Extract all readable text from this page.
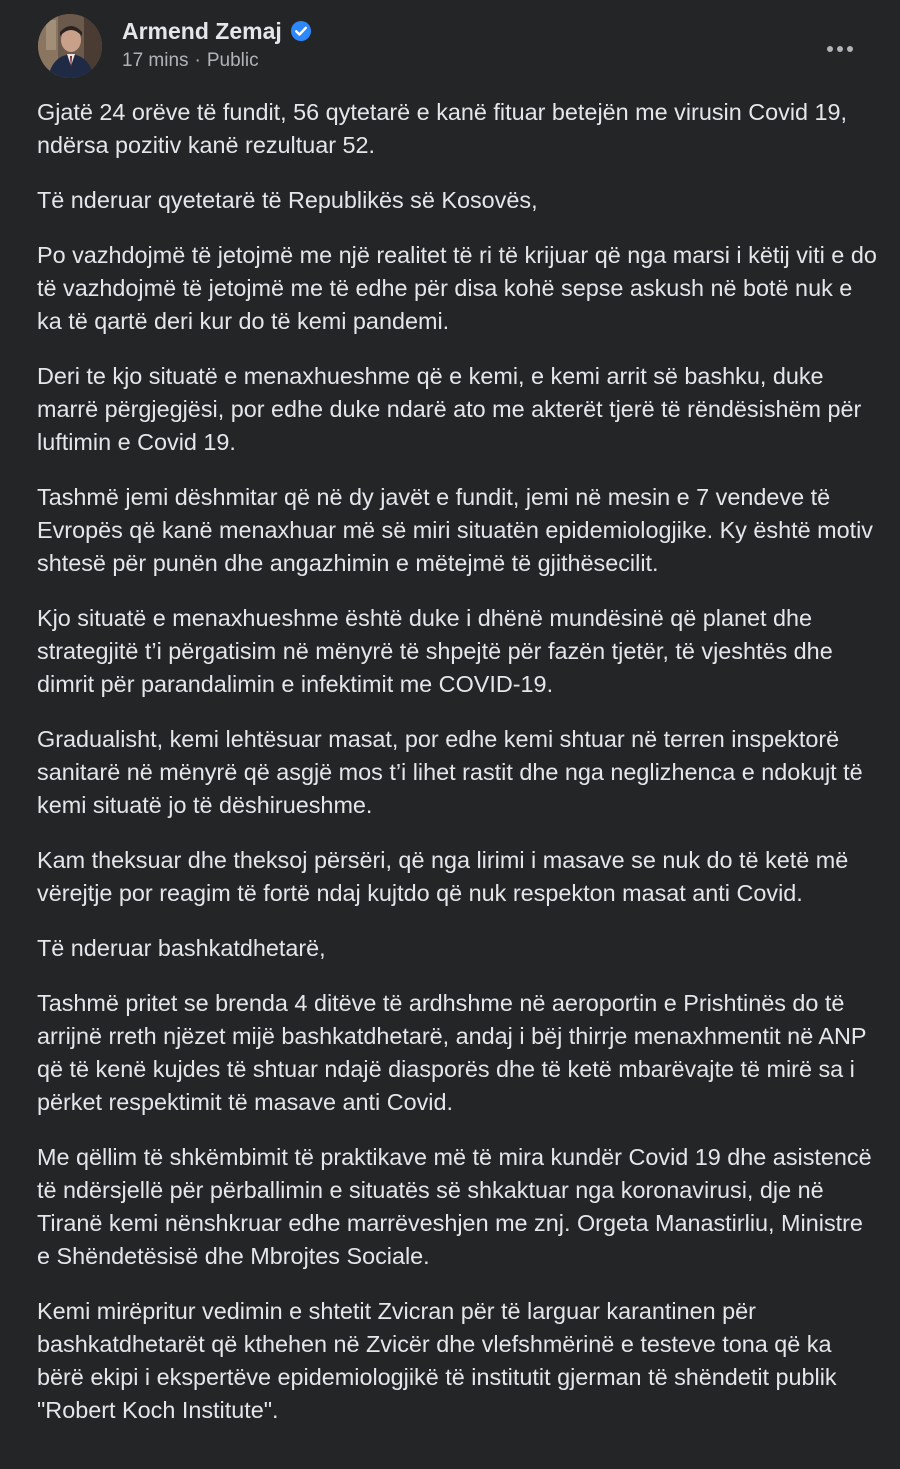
Armend Zemaj
17 mins · Public

Gjatë 24 orëve të fundit, 56 qytetarë e kanë fituar betejën me virusin Covid 19, ndërsa pozitiv kanë rezultuar 52.

Të nderuar qyetetarë të Republikës së Kosovës,

Po vazhdojmë të jetojmë me një realitet të ri të krijuar që nga marsi i këtij viti e do të vazhdojmë të jetojmë me të edhe për disa kohë sepse askush në botë nuk e ka të qartë deri kur do të kemi pandemi.

Deri te kjo situatë e menaxhueshme që e kemi, e kemi arrit së bashku, duke marrë përgjegjësi, por edhe duke ndarë ato me akterët tjerë të rëndësishëm për luftimin e Covid 19.

Tashmë jemi dëshmitar që në dy javët e fundit, jemi në mesin e 7 vendeve të Evropës që kanë menaxhuar më së miri situatën epidemiologjike. Ky është motiv shtesë për punën dhe angazhimin e mëtejmë të gjithësecilit.

Kjo situatë e menaxhueshme është duke i dhënë mundësinë që planet dhe strategjitë t’i përgatisim në mënyrë të shpejtë për fazën tjetër, të vjeshtës dhe dimrit për parandalimin e infektimit me COVID-19.

Gradualisht, kemi lehtësuar masat, por edhe kemi shtuar në terren inspektorë sanitarë në mënyrë që asgjë mos t’i lihet rastit dhe nga neglizhenca e ndokujt të kemi situatë jo të dëshirueshme.

Kam theksuar dhe theksoj përsëri, që nga lirimi i masave se nuk do të ketë më vërejtje por reagim të fortë ndaj kujtdo që nuk respekton masat anti Covid.

Të nderuar bashkatdhetarë,

Tashmë pritet se brenda 4 ditëve të ardhshme në aeroportin e Prishtinës do të arrijnë rreth njëzet mijë bashkatdhetarë, andaj i bëj thirrje menaxhmentit në ANP që të kenë kujdes të shtuar ndajë diasporës dhe të ketë mbarëvajte të mirë sa i përket respektimit të masave anti Covid.

Me qëllim të shkëmbimit të praktikave më të mira kundër Covid 19 dhe asistencë të ndërsjellë për përballimin e situatës së shkaktuar nga koronavirusi, dje në Tiranë kemi nënshkruar edhe marrëveshjen me znj. Orgeta Manastirliu, Ministre e Shëndetësisë dhe Mbrojtes Sociale.

Kemi mirëpritur vedimin e shtetit Zvicran për të larguar karantinen për bashkatdhetarët që kthehen në Zvicër dhe vlefshmërinë e testeve tona që ka bërë ekipi i ekspertëve epidemiologjikë të institutit gjerman të shëndetit publik "Robert Koch Institute".
